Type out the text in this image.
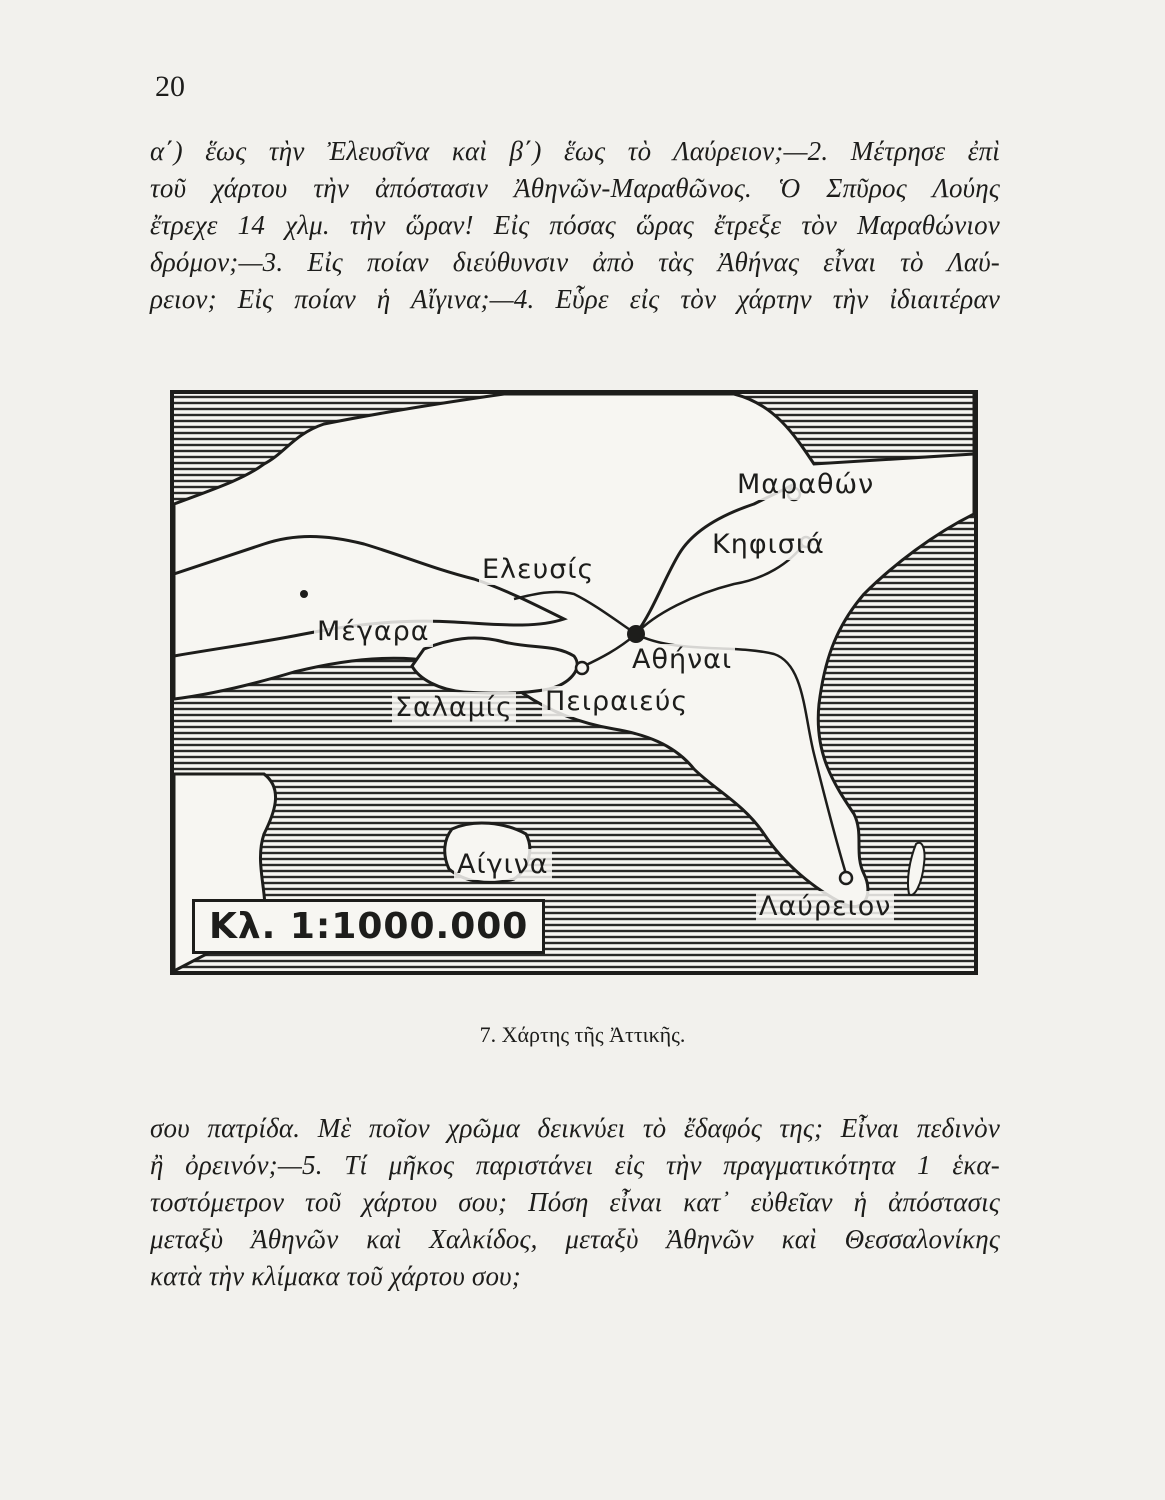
20
α΄) ἕως τὴν Ἐλευσῖνα καὶ β΄) ἕως τὸ Λαύρειον;—2. Μέτρησε ἐπὶ
τοῦ χάρτου τὴν ἀπόστασιν Ἀθηνῶν-Μαραθῶνος. Ὁ Σπῦρος Λούης
ἔτρεχε 14 χλμ. τὴν ὥραν! Εἰς πόσας ὥρας ἔτρεξε τὸν Μαραθώνιον
δρόμον;—3. Εἰς ποίαν διεύθυνσιν ἀπὸ τὰς Ἀθήνας εἶναι τὸ Λαύ-
ρειον; Εἰς ποίαν ἡ Αἴγινα;—4. Εὗρε εἰς τὸν χάρτην τὴν ἰδιαιτέραν
Μαραθών
Κηφισιά
Ελευσίς
Μέγαρα
Αθήναι
Πειραιεύς
Σαλαμίς
Αίγινα
Λαύρειον
Κλ. 1:1000.000
7. Χάρτης τῆς Ἀττικῆς.
σου πατρίδα. Μὲ ποῖον χρῶμα δεικνύει τὸ ἔδαφός της; Εἶναι πεδινὸν
ἢ ὀρεινόν;—5. Τί μῆκος παριστάνει εἰς τὴν πραγματικότητα 1 ἑκα-
τοστόμετρον τοῦ χάρτου σου; Πόση εἶναι κατ᾿ εὐθεῖαν ἡ ἀπόστασις
μεταξὺ Ἀθηνῶν καὶ Χαλκίδος, μεταξὺ Ἀθηνῶν καὶ Θεσσαλονίκης
κατὰ τὴν κλίμακα τοῦ χάρτου σου;
